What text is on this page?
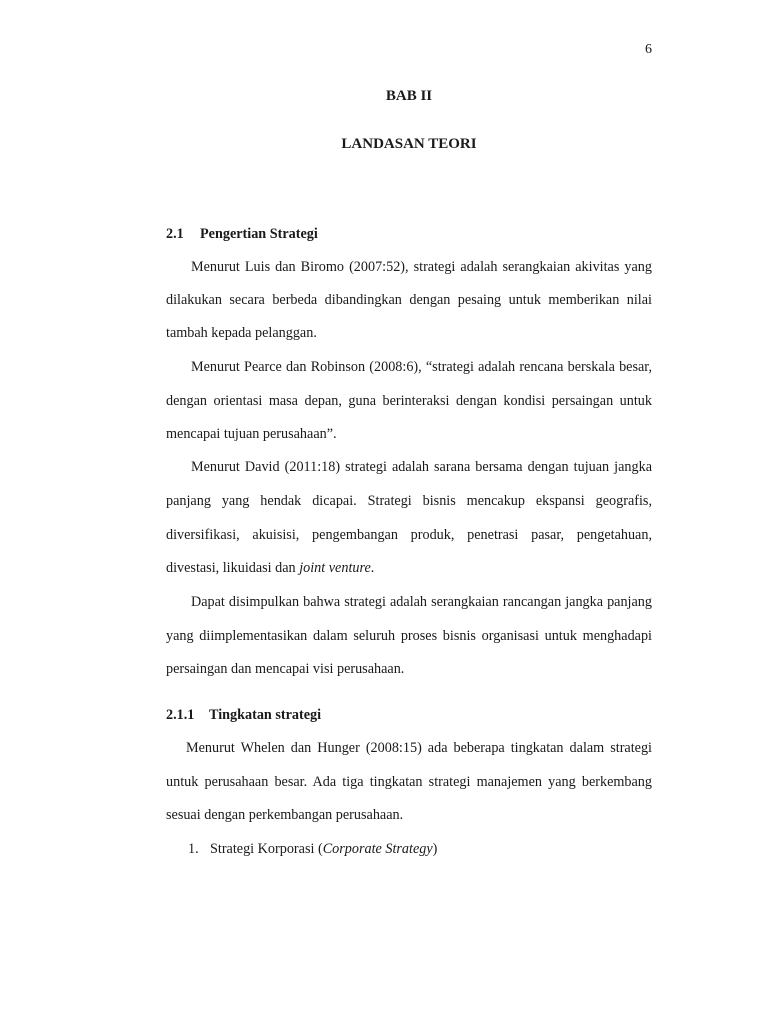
6
BAB II
LANDASAN TEORI
2.1 Pengertian Strategi
Menurut Luis dan Biromo (2007:52), strategi adalah serangkaian akivitas yang
dilakukan secara berbeda dibandingkan dengan pesaing untuk memberikan nilai
tambah kepada pelanggan.
Menurut Pearce dan Robinson (2008:6), “strategi adalah rencana berskala besar,
dengan orientasi masa depan, guna berinteraksi dengan kondisi persaingan untuk
mencapai tujuan perusahaan”.
Menurut David (2011:18) strategi adalah sarana bersama dengan tujuan jangka
panjang yang hendak dicapai. Strategi bisnis mencakup ekspansi geografis,
diversifikasi, akuisisi, pengembangan produk, penetrasi pasar, pengetahuan,
divestasi, likuidasi dan joint venture.
Dapat disimpulkan bahwa strategi adalah serangkaian rancangan jangka panjang
yang diimplementasikan dalam seluruh proses bisnis organisasi untuk menghadapi
persaingan dan mencapai visi perusahaan.
2.1.1 Tingkatan strategi
Menurut Whelen dan Hunger (2008:15) ada beberapa tingkatan dalam strategi
untuk perusahaan besar. Ada tiga tingkatan strategi manajemen yang berkembang
sesuai dengan perkembangan perusahaan.
1. Strategi Korporasi (Corporate Strategy)
